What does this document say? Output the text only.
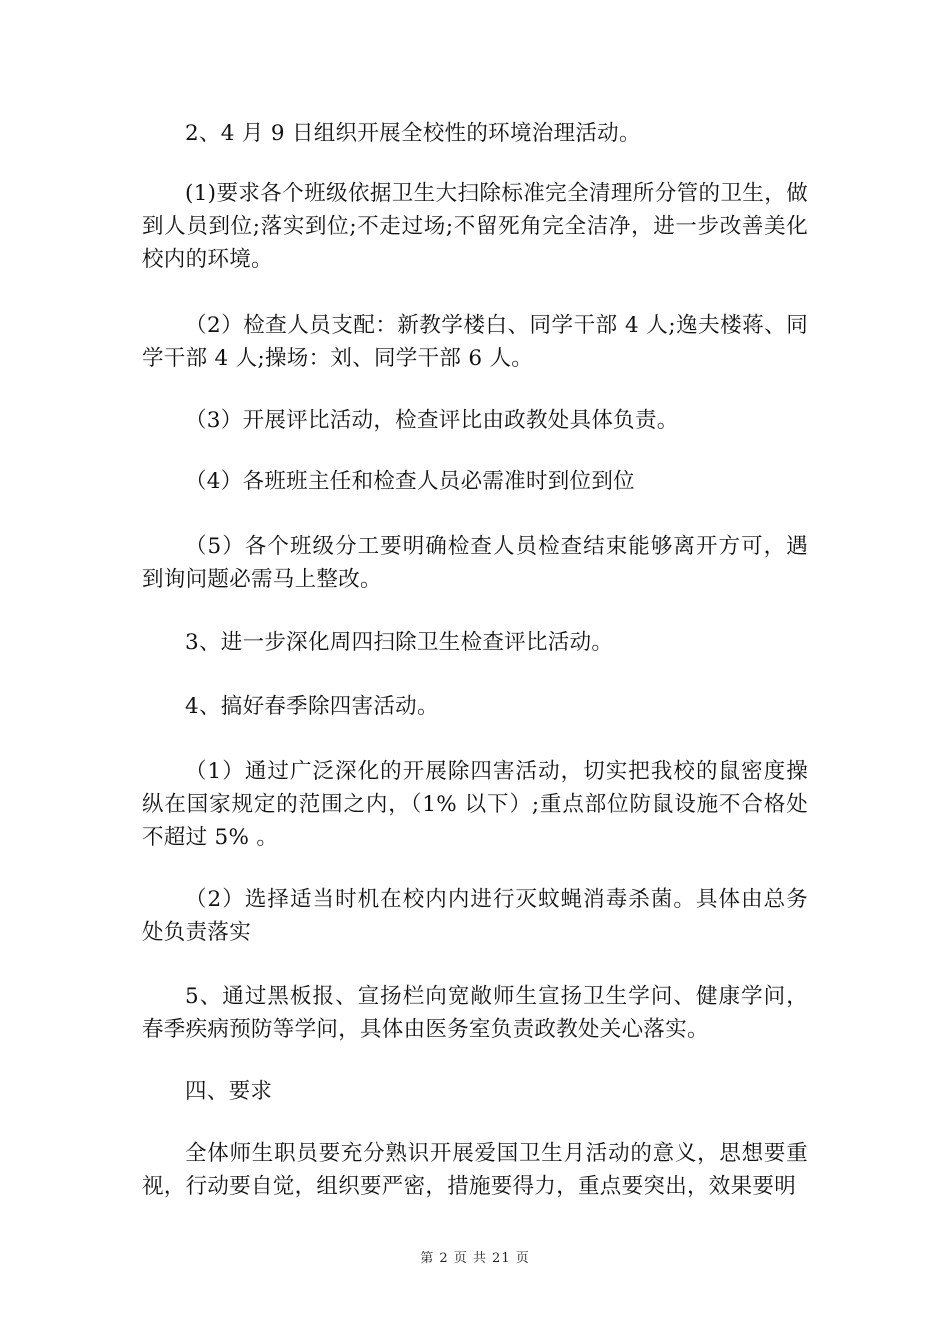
2、4 月 9 日组织开展全校性的环境治理活动。

(1)要求各个班级依据卫生大扫除标准完全清理所分管的卫生，做到人员到位;落实到位;不走过场;不留死角完全洁净，进一步改善美化校内的环境。

（2）检查人员支配：新教学楼白、同学干部 4 人;逸夫楼蒋、同学干部 4 人;操场：刘、同学干部 6 人。

（3）开展评比活动，检查评比由政教处具体负责。

（4）各班班主任和检查人员必需准时到位到位

（5）各个班级分工要明确检查人员检查结束能够离开方可，遇到询问题必需马上整改。

3、进一步深化周四扫除卫生检查评比活动。

4、搞好春季除四害活动。

（1）通过广泛深化的开展除四害活动，切实把我校的鼠密度操纵在国家规定的范围之内，（1% 以下）;重点部位防鼠设施不合格处不超过 5% 。

（2）选择适当时机在校内内进行灭蚊蝇消毒杀菌。具体由总务处负责落实

5、通过黑板报、宣扬栏向宽敞师生宣扬卫生学问、健康学问，春季疾病预防等学问，具体由医务室负责政教处关心落实。

四、要求

全体师生职员要充分熟识开展爱国卫生月活动的意义，思想要重视，行动要自觉，组织要严密，措施要得力，重点要突出，效果要明

第 2 页 共 21 页
